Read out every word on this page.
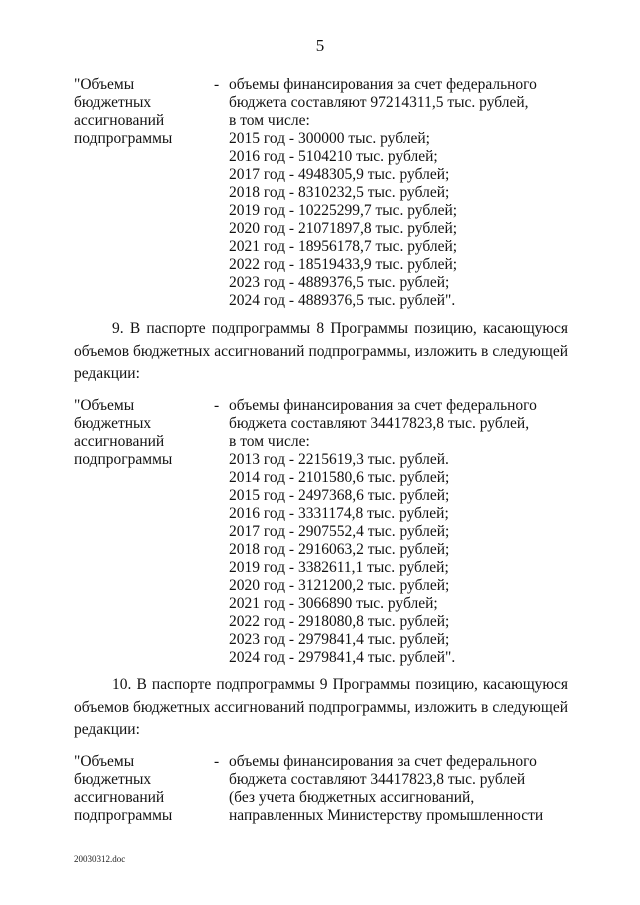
5
"Объемы
бюджетных
ассигнований
подпрограммы
- объемы финансирования за счет федерального
бюджета составляют 97214311,5 тыс. рублей,
в том числе:
2015 год - 300000 тыс. рублей;
2016 год - 5104210 тыс. рублей;
2017 год - 4948305,9 тыс. рублей;
2018 год - 8310232,5 тыс. рублей;
2019 год - 10225299,7 тыс. рублей;
2020 год - 21071897,8 тыс. рублей;
2021 год - 18956178,7 тыс. рублей;
2022 год - 18519433,9 тыс. рублей;
2023 год - 4889376,5 тыс. рублей;
2024 год - 4889376,5 тыс. рублей".

9. В паспорте подпрограммы 8 Программы позицию, касающуюся объемов бюджетных ассигнований подпрограммы, изложить в следующей редакции:

"Объемы
бюджетных
ассигнований
подпрограммы
- объемы финансирования за счет федерального
бюджета составляют 34417823,8 тыс. рублей,
в том числе:
2013 год - 2215619,3 тыс. рублей.
2014 год - 2101580,6 тыс. рублей;
2015 год - 2497368,6 тыс. рублей;
2016 год - 3331174,8 тыс. рублей;
2017 год - 2907552,4 тыс. рублей;
2018 год - 2916063,2 тыс. рублей;
2019 год - 3382611,1 тыс. рублей;
2020 год - 3121200,2 тыс. рублей;
2021 год - 3066890 тыс. рублей;
2022 год - 2918080,8 тыс. рублей;
2023 год - 2979841,4 тыс. рублей;
2024 год - 2979841,4 тыс. рублей".

10. В паспорте подпрограммы 9 Программы позицию, касающуюся объемов бюджетных ассигнований подпрограммы, изложить в следующей редакции:

"Объемы
бюджетных
ассигнований
подпрограммы
- объемы финансирования за счет федерального
бюджета составляют 34417823,8 тыс. рублей
(без учета бюджетных ассигнований,
направленных Министерству промышленности
20030312.doc
